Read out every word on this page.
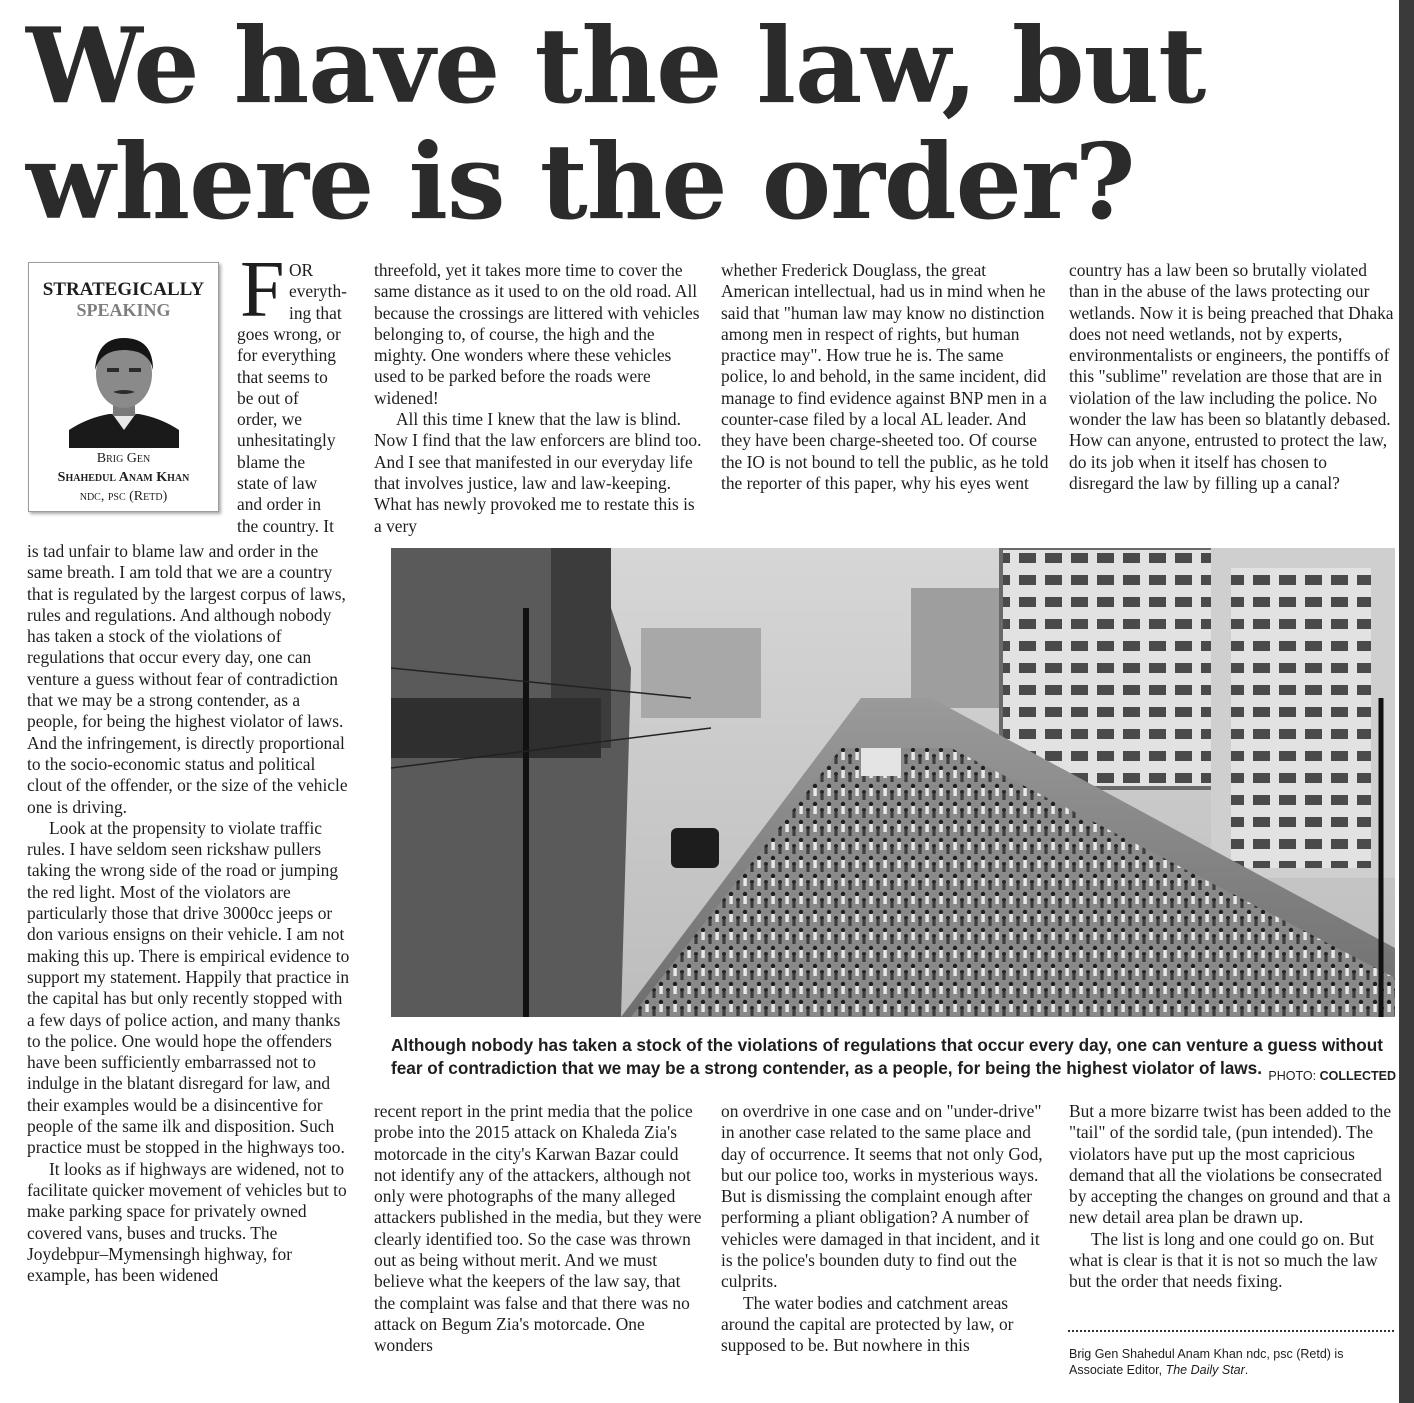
We have the law, but
where is the order?
STRATEGICALLY
SPEAKING
Brig Gen
Shahedul Anam Khan
ndc, psc (Retd)
F OR
everyth-
ing that
goes wrong, or
for everything
that seems to
be out of
order, we
unhesitatingly
blame the
state of law
and order in
the country. It

is tad unfair to blame law and order in the same breath. I am told that we are a country that is regulated by the largest corpus of laws, rules and regulations. And although nobody has taken a stock of the violations of regulations that occur every day, one can venture a guess without fear of contradiction that we may be a strong contender, as a people, for being the highest violator of laws. And the infringement, is directly proportional to the socio-economic status and political clout of the offender, or the size of the vehicle one is driving.

Look at the propensity to violate traffic rules. I have seldom seen rickshaw pullers taking the wrong side of the road or jumping the red light. Most of the violators are particularly those that drive 3000cc jeeps or don various ensigns on their vehicle. I am not making this up. There is empirical evidence to support my statement. Happily that practice in the capital has but only recently stopped with a few days of police action, and many thanks to the police. One would hope the offenders have been sufficiently embarrassed not to indulge in the blatant disregard for law, and their examples would be a disincentive for people of the same ilk and disposition. Such practice must be stopped in the highways too.

It looks as if highways are widened, not to facilitate quicker movement of vehicles but to make parking space for privately owned covered vans, buses and trucks. The Joydebpur–Mymensingh highway, for example, has been widened

threefold, yet it takes more time to cover the same distance as it used to on the old road. All because the crossings are littered with vehicles belonging to, of course, the high and the mighty. One wonders where these vehicles used to be parked before the roads were widened!

All this time I knew that the law is blind. Now I find that the law enforcers are blind too. And I see that manifested in our everyday life that involves justice, law and law-keeping. What has newly provoked me to restate this is a very

whether Frederick Douglass, the great American intellectual, had us in mind when he said that "human law may know no distinction among men in respect of rights, but human practice may". How true he is. The same police, lo and behold, in the same incident, did manage to find evidence against BNP men in a counter-case filed by a local AL leader. And they have been charge-sheeted too. Of course the IO is not bound to tell the public, as he told the reporter of this paper, why his eyes went

country has a law been so brutally violated than in the abuse of the laws protecting our wetlands. Now it is being preached that Dhaka does not need wetlands, not by experts, environmentalists or engineers, the pontiffs of this "sublime" revelation are those that are in violation of the law including the police. No wonder the law has been so blatantly debased. How can anyone, entrusted to protect the law, do its job when it itself has chosen to disregard the law by filling up a canal?

Although nobody has taken a stock of the violations of regulations that occur every day, one can venture a guess without fear of contradiction that we may be a strong contender, as a people, for being the highest violator of laws. PHOTO: COLLECTED

recent report in the print media that the police probe into the 2015 attack on Khaleda Zia's motorcade in the city's Karwan Bazar could not identify any of the attackers, although not only were photographs of the many alleged attackers published in the media, but they were clearly identified too. So the case was thrown out as being without merit. And we must believe what the keepers of the law say, that the complaint was false and that there was no attack on Begum Zia's motorcade. One wonders

on overdrive in one case and on "under-drive" in another case related to the same place and day of occurrence. It seems that not only God, but our police too, works in mysterious ways. But is dismissing the complaint enough after performing a pliant obligation? A number of vehicles were damaged in that incident, and it is the police's bounden duty to find out the culprits.

The water bodies and catchment areas around the capital are protected by law, or supposed to be. But nowhere in this

But a more bizarre twist has been added to the "tail" of the sordid tale, (pun intended). The violators have put up the most capricious demand that all the violations be consecrated by accepting the changes on ground and that a new detail area plan be drawn up.

The list is long and one could go on. But what is clear is that it is not so much the law but the order that needs fixing.

Brig Gen Shahedul Anam Khan ndc, psc (Retd) is Associate Editor, The Daily Star.
